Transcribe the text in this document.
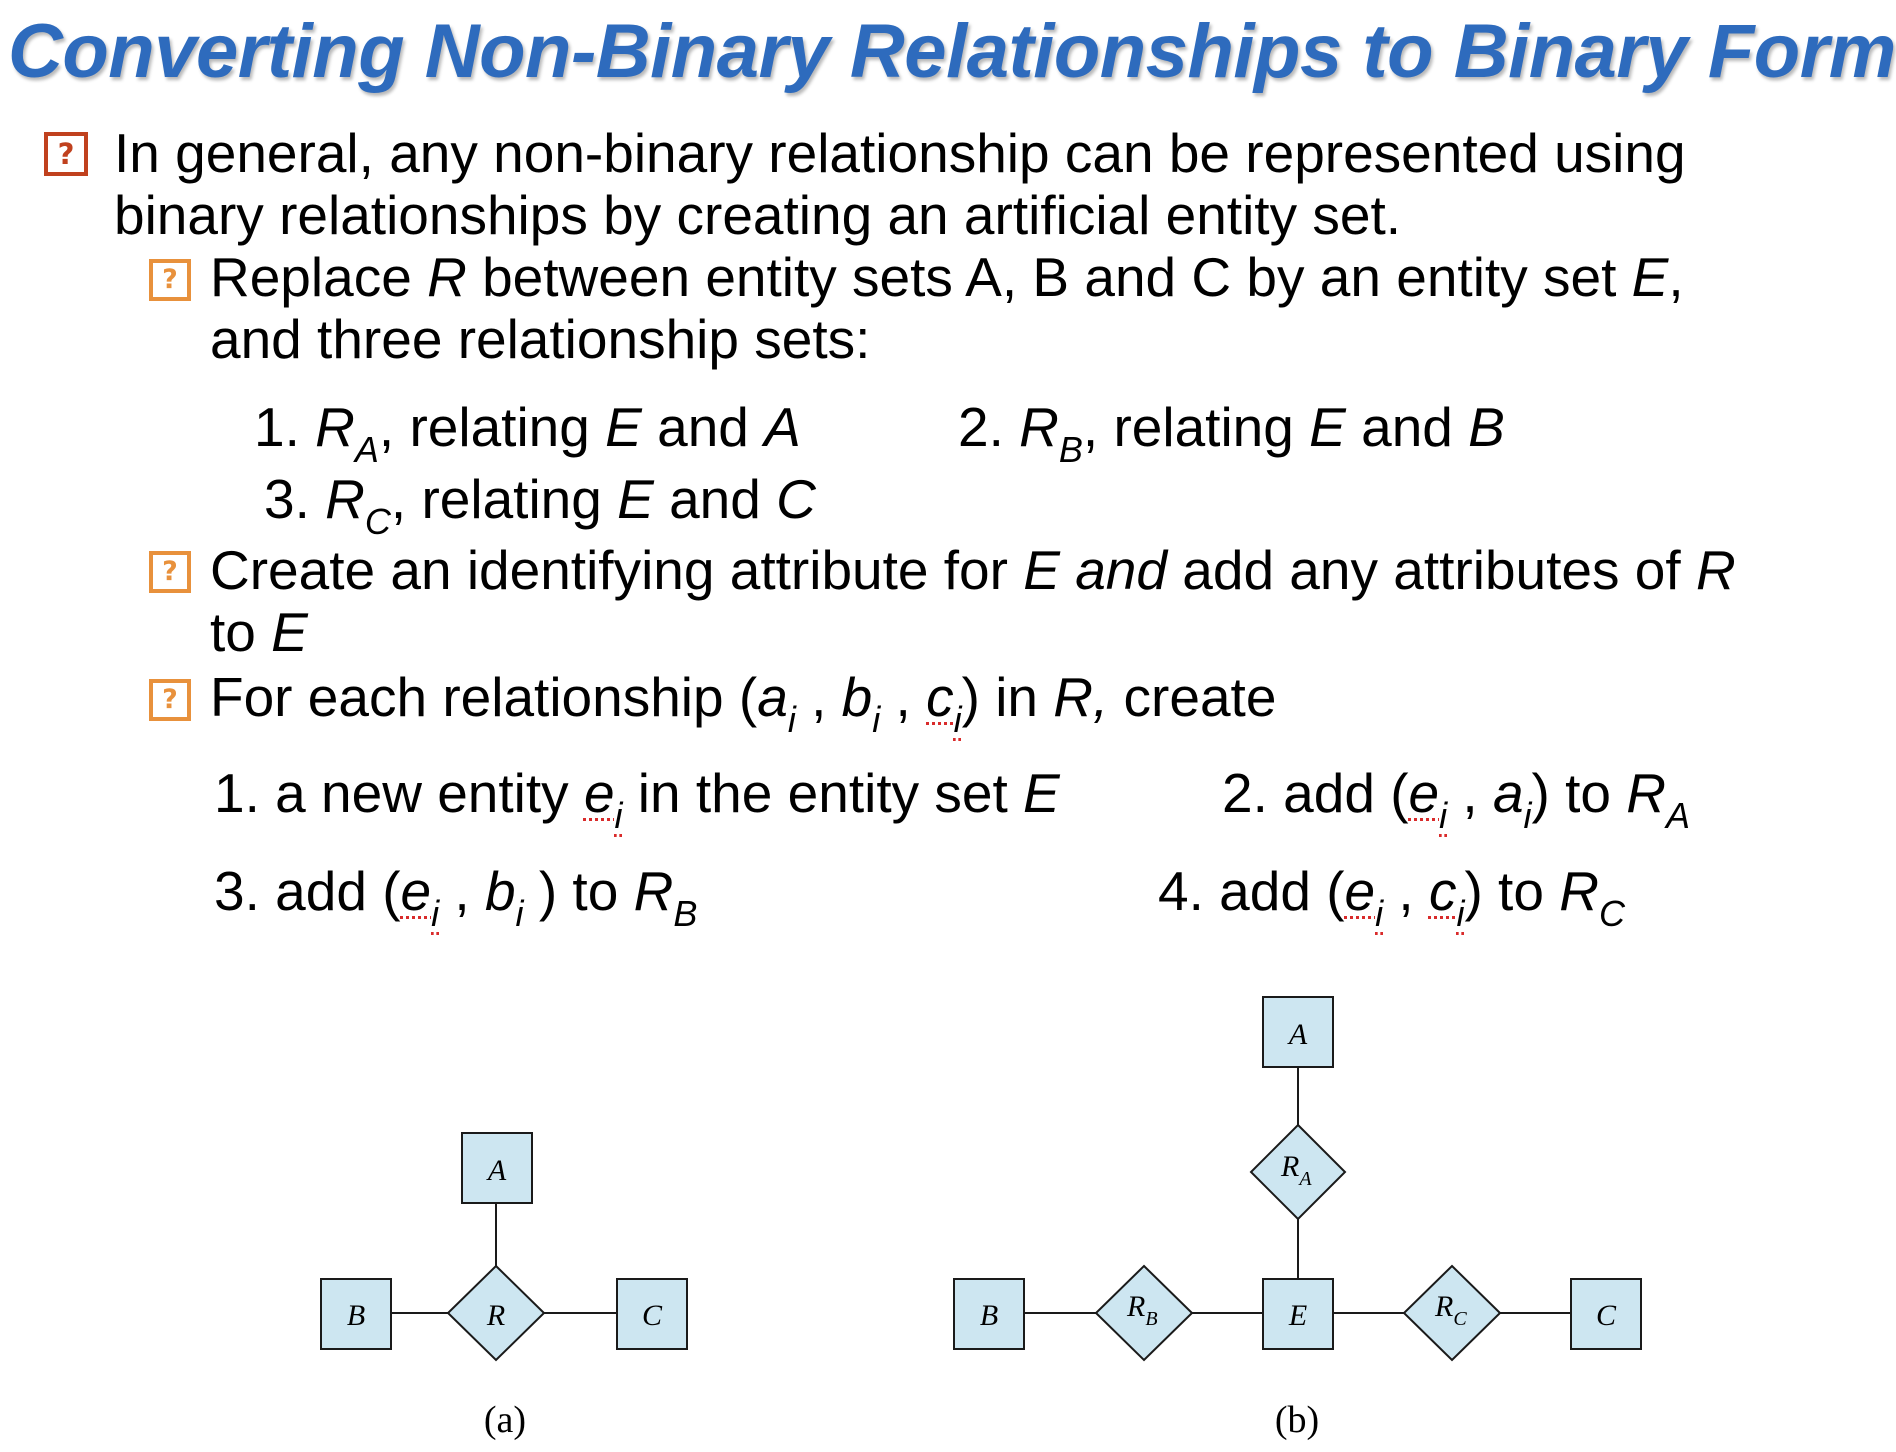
Converting Non-Binary Relationships to Binary Form
? In general, any non-binary relationship can be represented using
binary relationships by creating an artificial entity set.
? Replace R between entity sets A, B and C by an entity set E,
and three relationship sets:
1. $R_A$, relating E and A	2. $R_B$, relating E and B
3. $R_C$, relating E and C
? Create an identifying attribute for E and add any attributes of R
to E
? For each relationship ($a_i$ , $b_i$ , $c_i$) in R, create
1. a new entity $e_i$ in the entity set E	2. add ($e_i$ , $a_i$) to $R_A$
3. add ($e_i$ , $b_i$ ) to $R_B$	4. add ($e_i$ , $c_i$) to $R_C$
A
B	C
R
(a)
A
$R_A$
B	$R_B$	E	$R_C$	C
(b)
